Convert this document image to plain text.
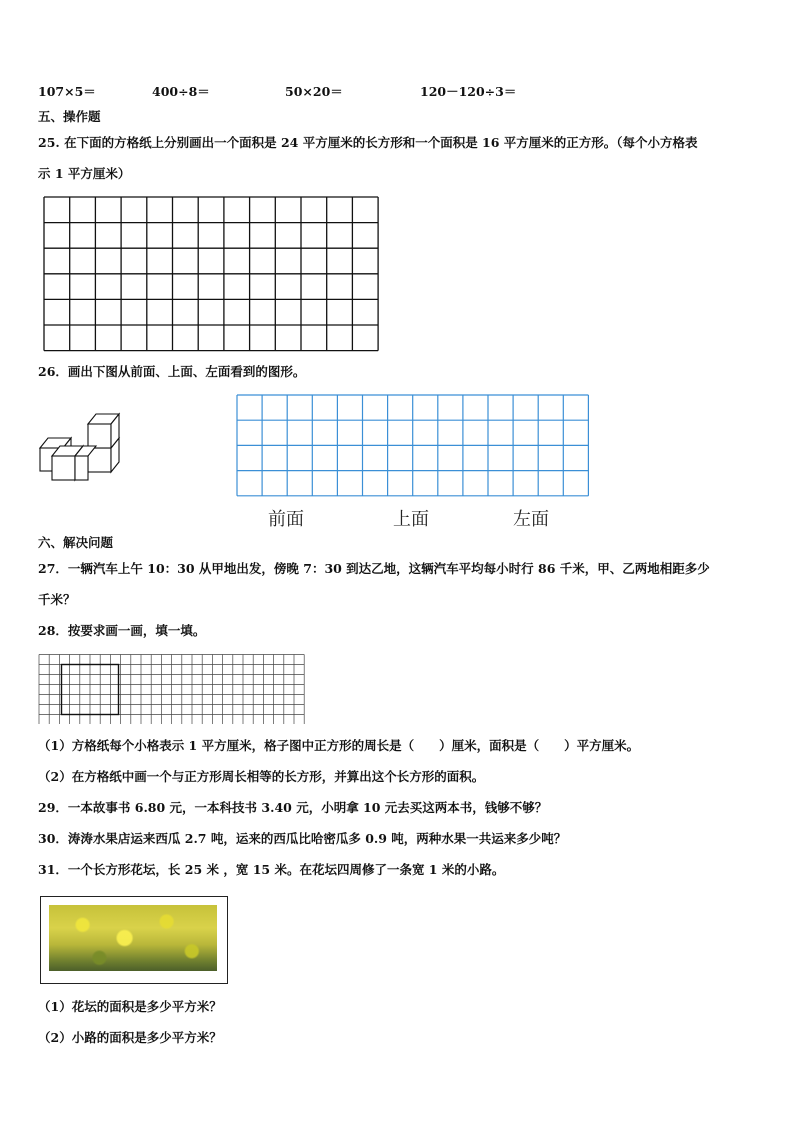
107×5＝	400÷8＝	50×20＝	120－120÷3＝
五、操作题
25. 在下面的方格纸上分别画出一个面积是 24 平方厘米的长方形和一个面积是 16 平方厘米的正方形。（每个小方格表
示 1 平方厘米）
26．画出下图从前面、上面、左面看到的图形。
前面	上面	左面
六、解决问题
27．一辆汽车上午 10：30 从甲地出发，傍晚 7：30 到达乙地，这辆汽车平均每小时行 86 千米，甲、乙两地相距多少
千米？
28．按要求画一画，填一填。
（1）方格纸每个小格表示 1 平方厘米，格子图中正方形的周长是（　　）厘米，面积是（　　）平方厘米。
（2）在方格纸中画一个与正方形周长相等的长方形，并算出这个长方形的面积。
29．一本故事书 6.80 元，一本科技书 3.40 元，小明拿 10 元去买这两本书，钱够不够？
30．涛涛水果店运来西瓜 2.7 吨，运来的西瓜比哈密瓜多 0.9 吨，两种水果一共运来多少吨？
31．一个长方形花坛，长 25 米 ，宽 15 米。在花坛四周修了一条宽 1 米的小路。
（1）花坛的面积是多少平方米？
（2）小路的面积是多少平方米？
